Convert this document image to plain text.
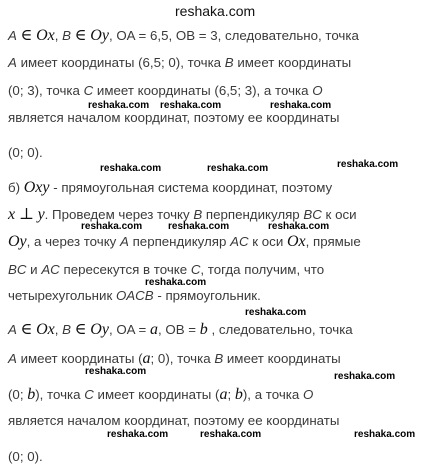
reshaka.com
A ∈ Ox, B ∈ Oy, OA = 6,5, OB = 3, следовательно, точка
A имеет координаты (6,5; 0), точка B имеет координаты
(0; 3), точка C имеет координаты (6,5; 3), а точка O
является началом координат, поэтому ее координаты
(0; 0).
б) Oxy - прямоугольная система координат, поэтому
x ⊥ y. Проведем через точку B перпендикуляр BC к оси
Oy, а через точку A перпендикуляр AC к оси Ox, прямые
BC и AC пересекутся в точке C, тогда получим, что
четырехугольник OACB - прямоугольник.
A ∈ Ox, B ∈ Oy, OA = a, OB = b , следовательно, точка
A имеет координаты (a; 0), точка B имеет координаты
(0; b), точка C имеет координаты (a; b), а точка O
является началом координат, поэтому ее координаты
(0; 0).
reshaka.com reshaka.com	reshaka.com
reshaka.com	reshaka.com	reshaka.com
reshaka.com	reshaka.com	reshaka.com
reshaka.com
reshaka.com
reshaka.com	reshaka.com
reshaka.com	reshaka.com	reshaka.com
